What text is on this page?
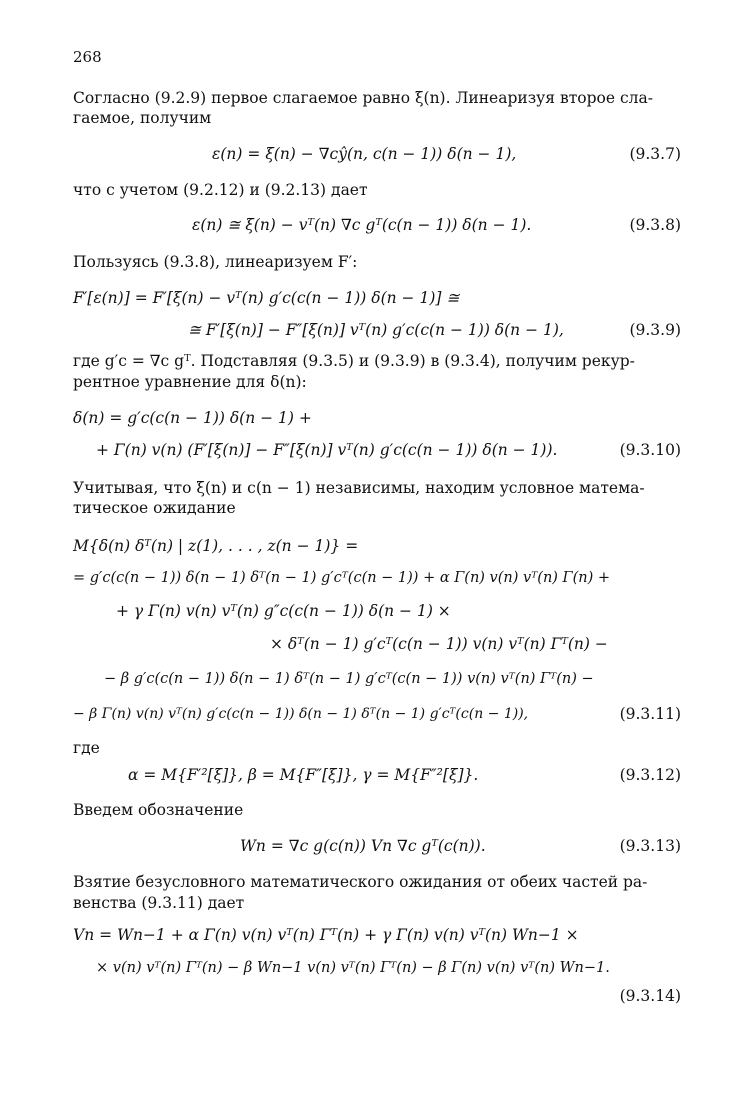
268
Согласно (9.2.9) первое слагаемое равно ξ(n). Линеаризуя второе сла-
гаемое, получим
ε(n) = ξ(n) − ∇ᴄŷ(n, c(n − 1)) δ(n − 1),	(9.3.7)
что с учетом (9.2.12) и (9.2.13) дает
ε(n) ≅ ξ(n) − vᵀ(n) ∇c gᵀ(c(n − 1)) δ(n − 1).	(9.3.8)
Пользуясь (9.3.8), линеаризуем F′:
F′[ε(n)] = F′[ξ(n) − vᵀ(n) g′c(c(n − 1)) δ(n − 1)] ≅
≅ F′[ξ(n)] − F″[ξ(n)] vᵀ(n) g′c(c(n − 1)) δ(n − 1),	(9.3.9)
где g′c = ∇c gᵀ. Подставляя (9.3.5) и (9.3.9) в (9.3.4), получим рекур-
рентное уравнение для δ(n):
δ(n) = g′c(c(n − 1)) δ(n − 1) +
+ Γ(n) v(n) (F′[ξ(n)] − F″[ξ(n)] vᵀ(n) g′c(c(n − 1)) δ(n − 1)).	(9.3.10)
Учитывая, что ξ(n) и c(n − 1) независимы, находим условное матема-
тическое ожидание
M{δ(n) δᵀ(n) | z(1), . . . , z(n − 1)} =
= g′c(c(n − 1)) δ(n − 1) δᵀ(n − 1) g′cᵀ(c(n − 1)) + α Γ(n) v(n) vᵀ(n) Γ(n) +
+ γ Γ(n) v(n) vᵀ(n) g″c(c(n − 1)) δ(n − 1) ×
× δᵀ(n − 1) g′cᵀ(c(n − 1)) v(n) vᵀ(n) Γᵀ(n) −
− β g′c(c(n − 1)) δ(n − 1) δᵀ(n − 1) g′cᵀ(c(n − 1)) v(n) vᵀ(n) Γᵀ(n) −
− β Γ(n) v(n) vᵀ(n) g′c(c(n − 1)) δ(n − 1) δᵀ(n − 1) g′cᵀ(c(n − 1)),	(9.3.11)
где
α = M{F′²[ξ]}, β = M{F″[ξ]}, γ = M{F″²[ξ]}.	(9.3.12)
Введем обозначение
Wn = ∇c g(c(n)) Vn ∇c gᵀ(c(n)).	(9.3.13)
Взятие безусловного математического ожидания от обеих частей ра-
венства (9.3.11) дает
Vn = Wn−1 + α Γ(n) v(n) vᵀ(n) Γᵀ(n) + γ Γ(n) v(n) vᵀ(n) Wn−1 ×
× v(n) vᵀ(n) Γᵀ(n) − β Wn−1 v(n) vᵀ(n) Γᵀ(n) − β Γ(n) v(n) vᵀ(n) Wn−1.
(9.3.14)
